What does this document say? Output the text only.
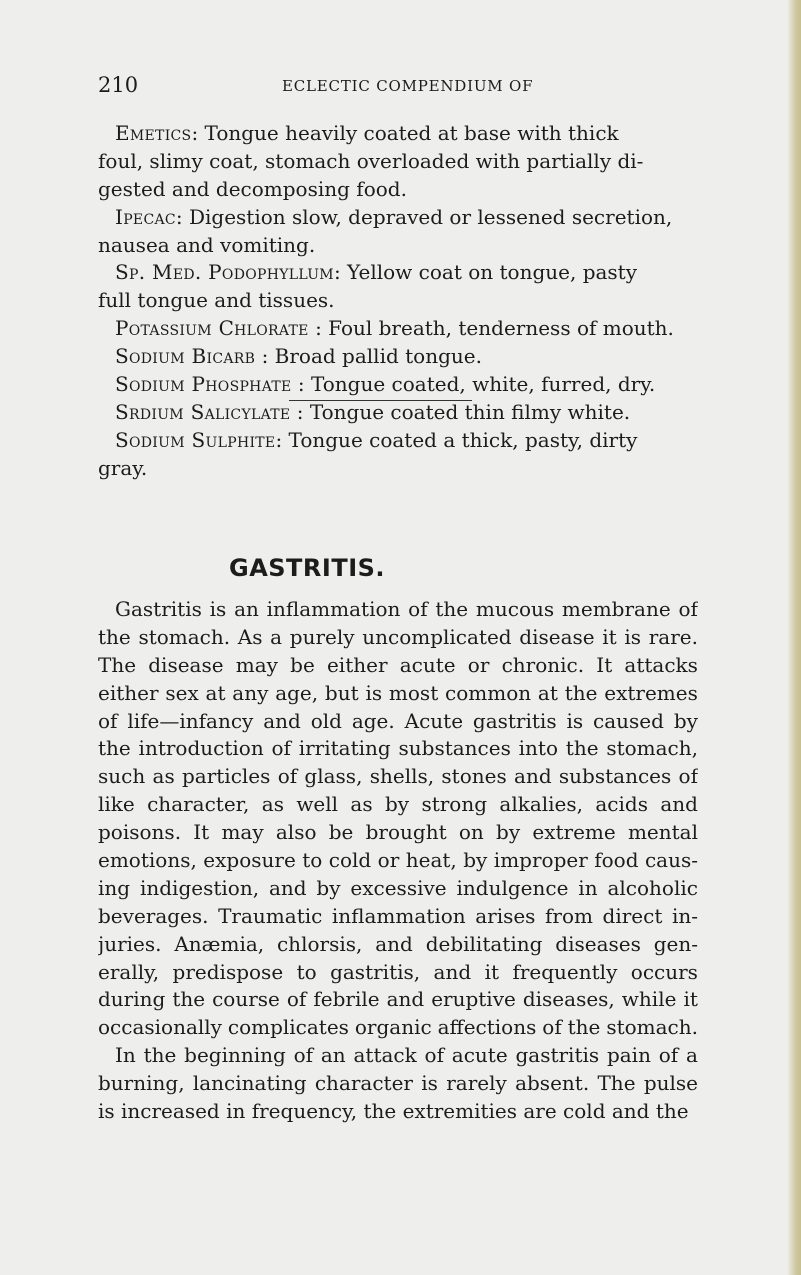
210	ECLECTIC COMPENDIUM OF
Emetics: Tongue heavily coated at base with thick
foul, slimy coat, stomach overloaded with partially di-
gested and decomposing food.
Ipecac: Digestion slow, depraved or lessened secretion,
nausea and vomiting.
Sp. Med. Podophyllum: Yellow coat on tongue, pasty
full tongue and tissues.
Potassium Chlorate : Foul breath, tenderness of mouth.
Sodium Bicarb : Broad pallid tongue.
Sodium Phosphate : Tongue coated, white, furred, dry.
Srdium Salicylate : Tongue coated thin filmy white.
Sodium Sulphite: Tongue coated a thick, pasty, dirty
gray.
GASTRITIS.
Gastritis is an inflammation of the mucous membrane of
the stomach. As a purely uncomplicated disease it is rare.
The disease may be either acute or chronic. It attacks
either sex at any age, but is most common at the extremes
of life—infancy and old age. Acute gastritis is caused by
the introduction of irritating substances into the stomach,
such as particles of glass, shells, stones and substances of
like character, as well as by strong alkalies, acids and
poisons. It may also be brought on by extreme mental
emotions, exposure to cold or heat, by improper food caus-
ing indigestion, and by excessive indulgence in alcoholic
beverages. Traumatic inflammation arises from direct in-
juries. Anæmia, chlorsis, and debilitating diseases gen-
erally, predispose to gastritis, and it frequently occurs
during the course of febrile and eruptive diseases, while it
occasionally complicates organic affections of the stomach.
In the beginning of an attack of acute gastritis pain of a
burning, lancinating character is rarely absent. The pulse
is increased in frequency, the extremities are cold and the
